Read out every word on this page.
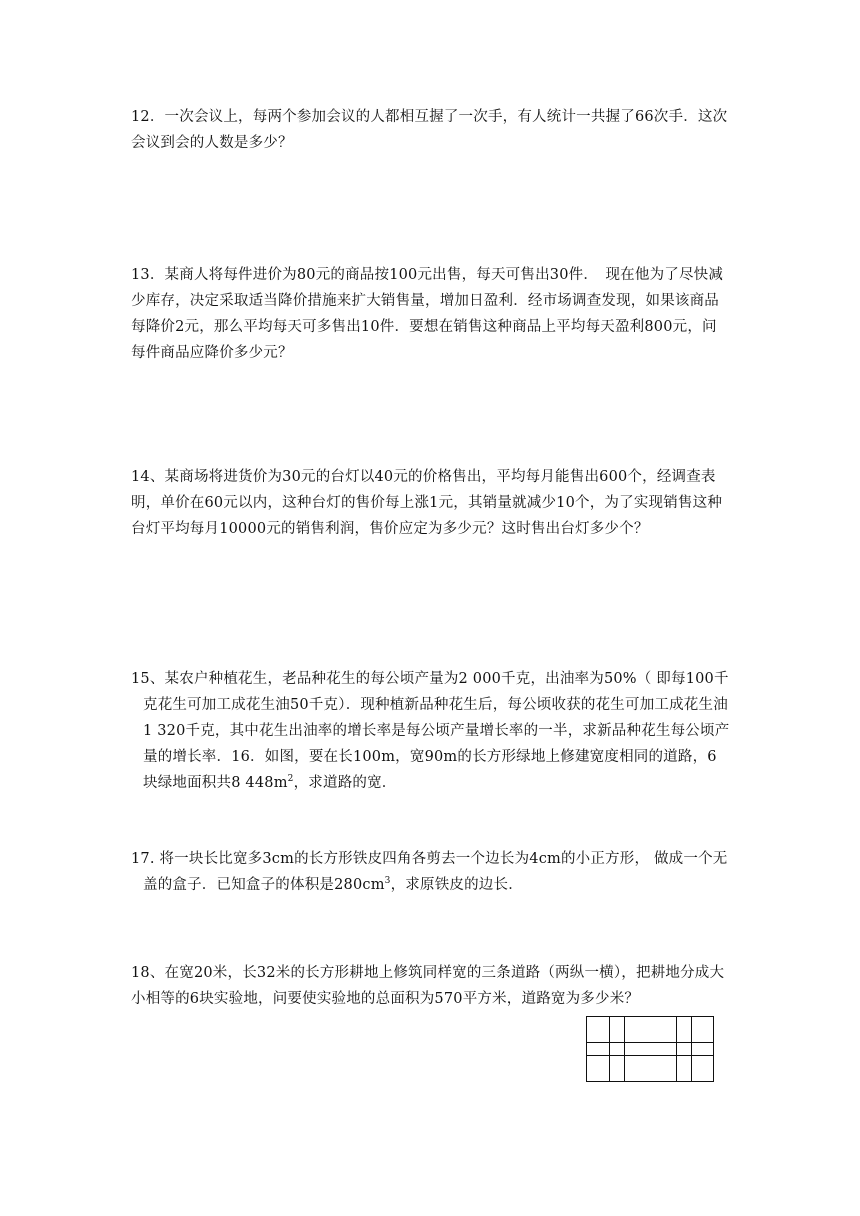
12．一次会议上，每两个参加会议的人都相互握了一次手，有人统计一共握了66次手．这次会议到会的人数是多少？

13．某商人将每件进价为80元的商品按100元出售，每天可售出30件．　现在他为了尽快减少库存，决定采取适当降价措施来扩大销售量，增加日盈利．经市场调查发现，如果该商品每降价2元，那么平均每天可多售出10件．要想在销售这种商品上平均每天盈利800元，问每件商品应降价多少元？

14、某商场将进货价为30元的台灯以40元的价格售出，平均每月能售出600个，经调查表明，单价在60元以内，这种台灯的售价每上涨1元，其销量就减少10个，为了实现销售这种台灯平均每月10000元的销售利润，售价应定为多少元？这时售出台灯多少个？

15、某农户种植花生，老品种花生的每公顷产量为2 000千克，出油率为50%（ 即每100千克花生可加工成花生油50千克）．现种植新品种花生后，每公顷收获的花生可加工成花生油1 320千克，其中花生出油率的增长率是每公顷产量增长率的一半，求新品种花生每公顷产量的增长率．16．如图，要在长100m，宽90m的长方形绿地上修建宽度相同的道路，6 块绿地面积共8 $448m^2$，求道路的宽．

17. 将一块长比宽多3cm的长方形铁皮四角各剪去一个边长为4cm的小正方形， 做成一个无盖的盒子．已知盒子的体积是$280cm^3$，求原铁皮的边长．

18、在宽20米，长32米的长方形耕地上修筑同样宽的三条道路（两纵一横），把耕地分成大小相等的6块实验地，问要使实验地的总面积为570平方米，道路宽为多少米？
